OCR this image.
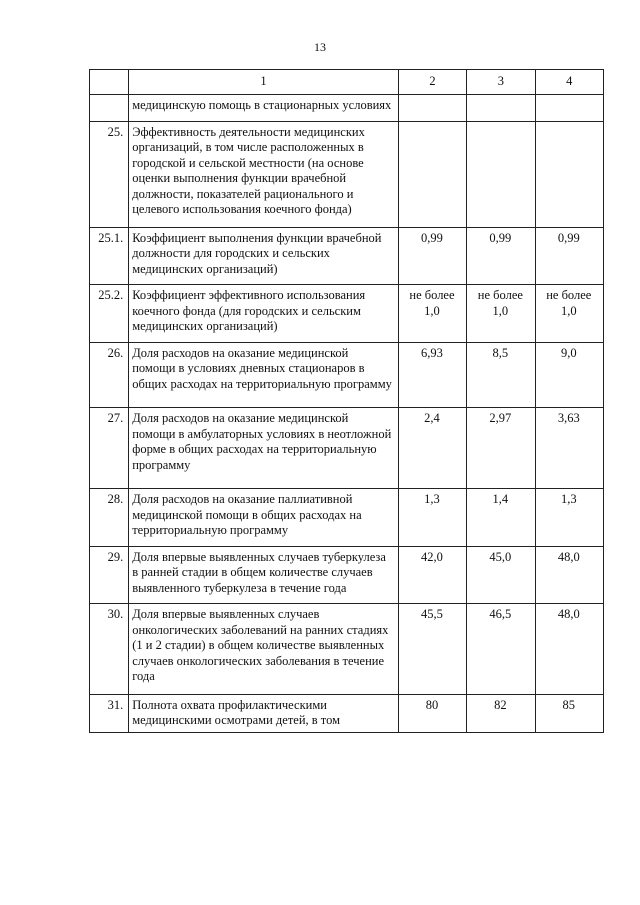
13
	1	2	3	4
	медицинскую помощь в стационарных условиях			
25.	Эффективность деятельности медицинских организаций, в том числе расположенных в городской и сельской местности (на основе оценки выполнения функции врачебной должности, показателей рационального и целевого использования коечного фонда)			
25.1.	Коэффициент выполнения функции врачебной должности для городских и сельских медицинских организаций)	0,99	0,99	0,99
25.2.	Коэффициент эффективного использования коечного фонда (для городских и сельским медицинских организаций)	не более 1,0	не более 1,0	не более 1,0
26.	Доля расходов на оказание медицинской помощи в условиях дневных стационаров в общих расходах на территориальную программу	6,93	8,5	9,0
27.	Доля расходов на оказание медицинской помощи в амбулаторных условиях в неотложной форме в общих расходах на территориальную программу	2,4	2,97	3,63
28.	Доля расходов на оказание паллиативной медицинской помощи в общих расходах на территориальную программу	1,3	1,4	1,3
29.	Доля впервые выявленных случаев туберкулеза в ранней стадии в общем количестве случаев выявленного туберкулеза в течение года	42,0	45,0	48,0
30.	Доля впервые выявленных случаев онкологических заболеваний на ранних стадиях (1 и 2 стадии) в общем количестве выявленных случаев онкологических заболевания в течение года	45,5	46,5	48,0
31.	Полнота охвата профилактическими медицинскими осмотрами детей, в том	80	82	85
